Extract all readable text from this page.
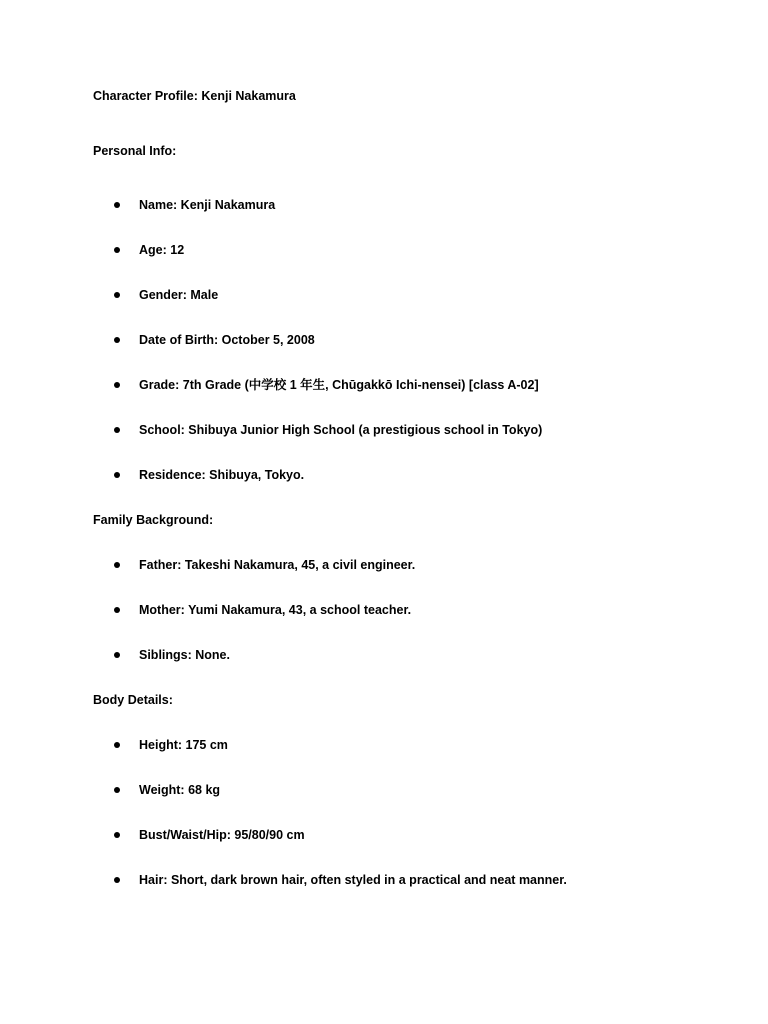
Character Profile: Kenji Nakamura
Personal Info:
Name: Kenji Nakamura
Age: 12
Gender: Male
Date of Birth: October 5, 2008
Grade: 7th Grade (中学校 1 年生, Chūgakkō Ichi-nensei) [class A-02]
School: Shibuya Junior High School (a prestigious school in Tokyo)
Residence: Shibuya, Tokyo.
Family Background:
Father: Takeshi Nakamura, 45, a civil engineer.
Mother: Yumi Nakamura, 43, a school teacher.
Siblings: None.
Body Details:
Height: 175 cm
Weight: 68 kg
Bust/Waist/Hip: 95/80/90 cm
Hair: Short, dark brown hair, often styled in a practical and neat manner.
